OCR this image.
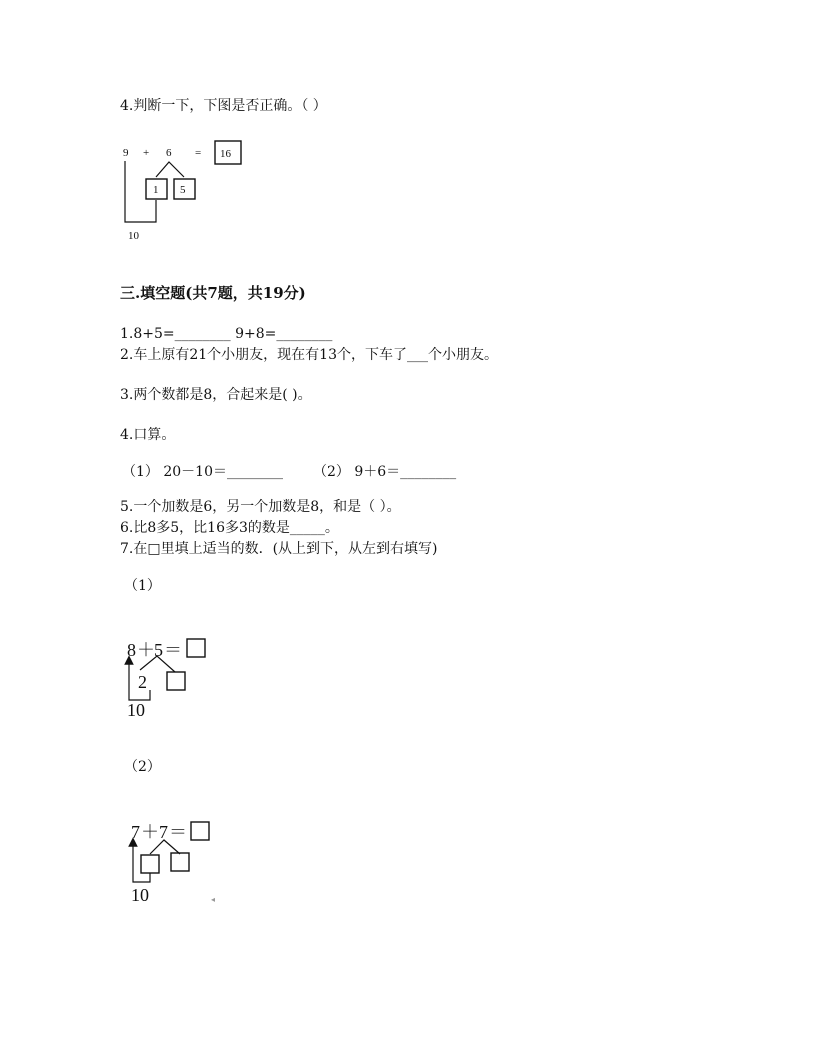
4.判断一下，下图是否正确。（ ）
9 + 6 = 16
1 5
10
三.填空题(共7题，共19分)
1.8+5=________ 9+8=________
2.车上原有21个小朋友，现在有13个，下车了___个小朋友。
3.两个数都是8，合起来是( )。
4.口算。
（1） 20－10＝________ （2） 9＋6＝________
5.一个加数是6，另一个加数是8，和是（ ）。
6.比8多5，比16多3的数是_____。
7.在□里填上适当的数．(从上到下，从左到右填写)
（1）
（2）
8 ＋ 5 ＝
2
10
7 ＋ 7 ＝
10	◂
